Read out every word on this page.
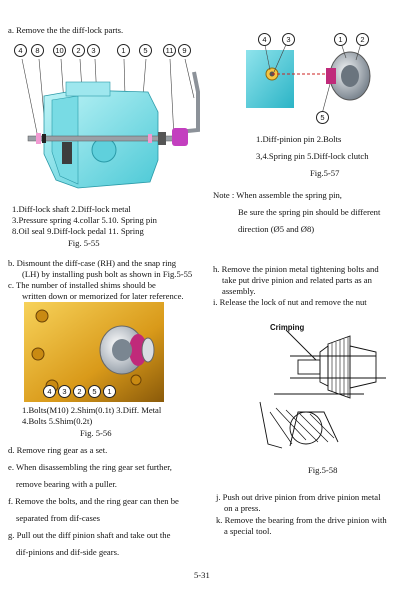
a. Remove the the diff-lock parts.
4	8	10	2	3	1	5	11	9
1.Diff-lock shaft 2.Diff-lock metal
3.Pressure spring 4.collar 5.10. Spring pin
8.Oil seal 9.Diff-lock pedal 11. Spring
Fig. 5-55
b. Dismount the diff-case (RH) and the snap ring
(LH) by installing push bolt as shown in Fig.5-55
c. The number of installed shims should be
written down or memorized for later reference.
4	3	2	5	1
1.Bolts(M10) 2.Shim(0.1t) 3.Diff. Metal
4.Bolts 5.Shim(0.2t)
Fig. 5-56
d. Remove ring gear as a set.
e. When disassembling the ring gear set further,
remove bearing with a puller.
f. Remove the bolts, and the ring gear can then be
separated from dif-cases
g. Pull out the diff pinion shaft and take out the
dif-pinions and dif-side gears.
4	3	1	2
5
1.Diff-pinion pin 2.Bolts
3,4.Spring pin 5.Diff-lock clutch
Fig.5-57
Note : When assemble the spring pin,
Be sure the spring pin should be different
direction (Ø5 and Ø8)
h. Remove the pinion metal tightening bolts and
take put drive pinion and related parts as an
assembly.
i. Release the lock of nut and remove the nut
Crimping
Fig.5-58
j. Push out drive pinion from drive pinion metal
on a press.
k. Remove the bearing from the drive pinion with
a special tool.
5-31
